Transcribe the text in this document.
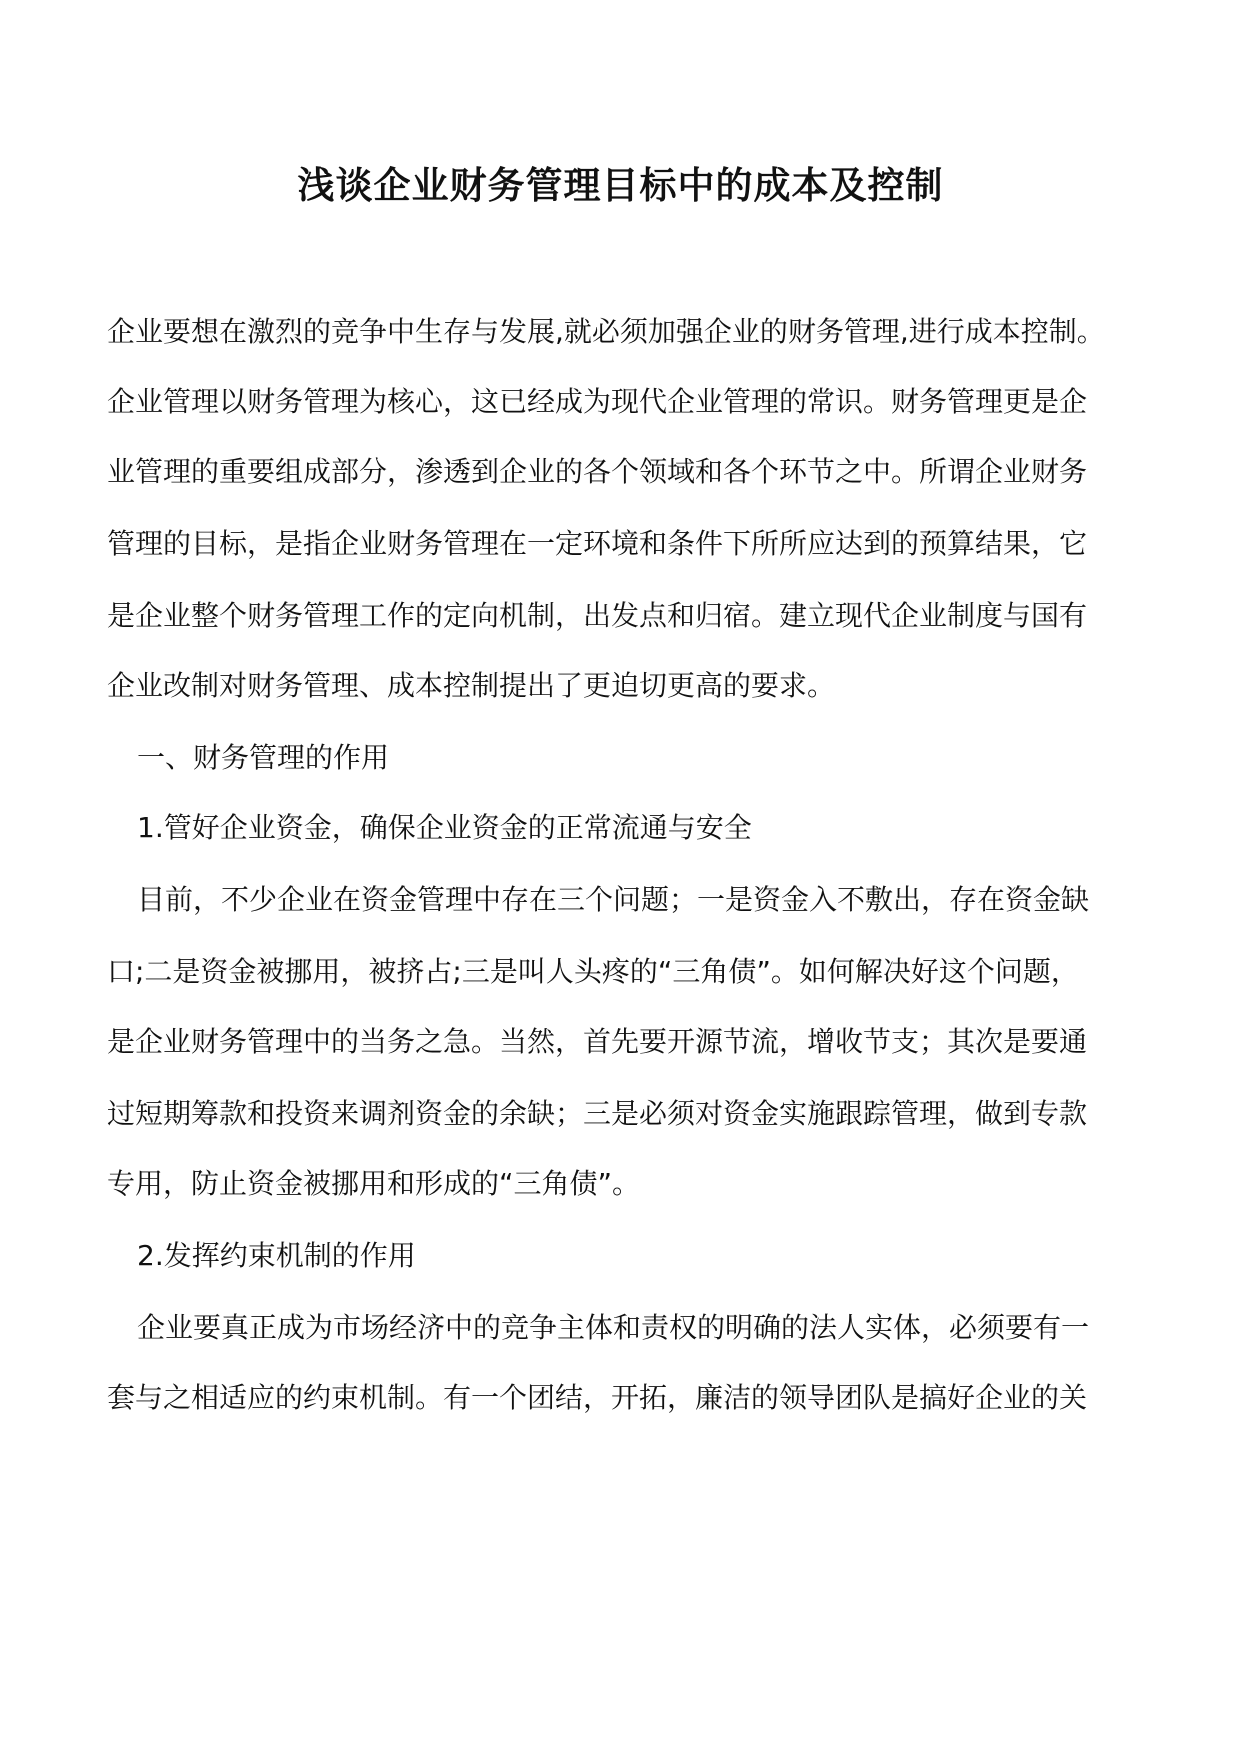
浅谈企业财务管理目标中的成本及控制

企业要想在激烈的竞争中生存与发展,就必须加强企业的财务管理,进行成本控制。

企业管理以财务管理为核心，这已经成为现代企业管理的常识。财务管理更是企

业管理的重要组成部分，渗透到企业的各个领域和各个环节之中。所谓企业财务

管理的目标，是指企业财务管理在一定环境和条件下所所应达到的预算结果，它

是企业整个财务管理工作的定向机制，出发点和归宿。建立现代企业制度与国有

企业改制对财务管理、成本控制提出了更迫切更高的要求。

一、财务管理的作用

1.管好企业资金，确保企业资金的正常流通与安全

目前，不少企业在资金管理中存在三个问题；一是资金入不敷出，存在资金缺

口;二是资金被挪用，被挤占;三是叫人头疼的“三角债”。如何解决好这个问题，

是企业财务管理中的当务之急。当然，首先要开源节流，增收节支；其次是要通

过短期筹款和投资来调剂资金的余缺；三是必须对资金实施跟踪管理，做到专款

专用，防止资金被挪用和形成的“三角债”。

2.发挥约束机制的作用

企业要真正成为市场经济中的竞争主体和责权的明确的法人实体，必须要有一

套与之相适应的约束机制。有一个团结，开拓，廉洁的领导团队是搞好企业的关
